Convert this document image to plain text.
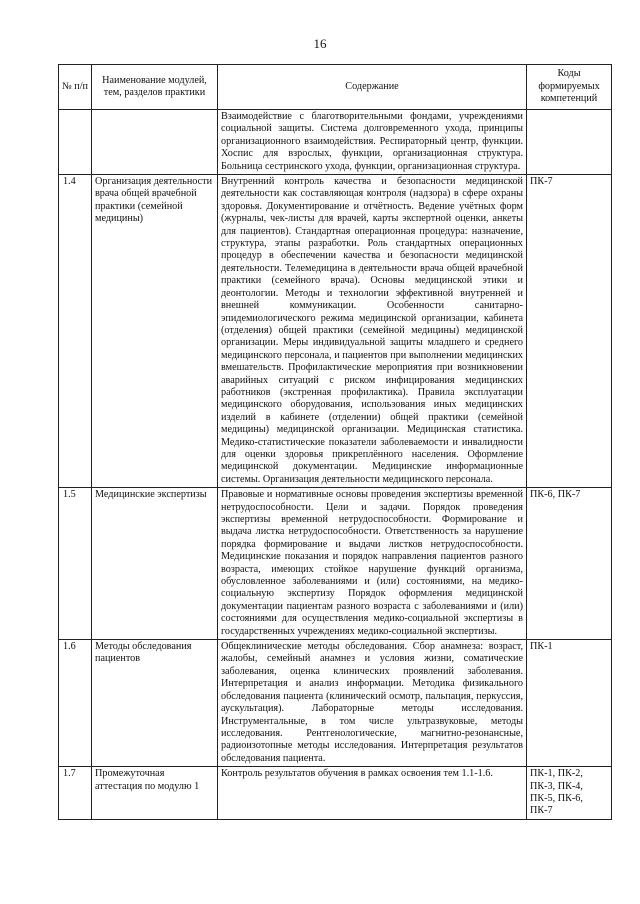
16
№ п/п	Наименование модулей, тем, разделов практики	Содержание	Коды формируемых компетенций
		Взаимодействие с благотворительными фондами, учреждениями социальной защиты. Система долговременного ухода, принципы организационного взаимодействия. Респираторный центр, функции. Хоспис для взрослых, функции, организационная структура. Больница сестринского ухода, функции, организационная структура.	
1.4	Организация деятельности врача общей врачебной практики (семейной медицины)	Внутренний контроль качества и безопасности медицинской деятельности как составляющая контроля (надзора) в сфере охраны здоровья. Документирование и отчётность. Ведение учётных форм (журналы, чек-листы для врачей, карты экспертной оценки, анкеты для пациентов). Стандартная операционная процедура: назначение, структура, этапы разработки. Роль стандартных операционных процедур в обеспечении качества и безопасности медицинской деятельности. Телемедицина в деятельности врача общей врачебной практики (семейного врача). Основы медицинской этики и деонтологии. Методы и технологии эффективной внутренней и внешней коммуникации. Особенности санитарно-эпидемиологического режима медицинской организации, кабинета (отделения) общей практики (семейной медицины) медицинской организации. Меры индивидуальной защиты младшего и среднего медицинского персонала, и пациентов при выполнении медицинских вмешательств. Профилактические мероприятия при возникновении аварийных ситуаций с риском инфицирования медицинских работников (экстренная профилактика). Правила эксплуатации медицинского оборудования, использования иных медицинских изделий в кабинете (отделении) общей практики (семейной медицины) медицинской организации. Медицинская статистика. Медико-статистические показатели заболеваемости и инвалидности для оценки здоровья прикреплённого населения. Оформление медицинской документации. Медицинские информационные системы. Организация деятельности медицинского персонала.	ПК-7
1.5	Медицинские экспертизы	Правовые и нормативные основы проведения экспертизы временной нетрудоспособности. Цели и задачи. Порядок проведения экспертизы временной нетрудоспособности. Формирование и выдача листка нетрудоспособности. Ответственность за нарушение порядка формирование и выдачи листков нетрудоспособности. Медицинские показания и порядок направления пациентов разного возраста, имеющих стойкое нарушение функций организма, обусловленное заболеваниями и (или) состояниями, на медико-социальную экспертизу Порядок оформления медицинской документации пациентам разного возраста с заболеваниями и (или) состояниями для осуществления медико-социальной экспертизы в государственных учреждениях медико-социальной экспертизы.	ПК-6, ПК-7
1.6	Методы обследования пациентов	Общеклинические методы обследования. Сбор анамнеза: возраст, жалобы, семейный анамнез и условия жизни, соматические заболевания, оценка клинических проявлений заболевания. Интерпретация и анализ информации. Методика физикального обследования пациента (клинический осмотр, пальпация, перкуссия, аускультация). Лабораторные методы исследования. Инструментальные, в том числе ультразвуковые, методы исследования. Рентгенологические, магнитно-резонансные, радиоизотопные методы исследования. Интерпретация результатов обследования пациента.	ПК-1
1.7	Промежуточная аттестация по модулю 1	Контроль результатов обучения в рамках освоения тем 1.1-1.6.	ПК-1, ПК-2, ПК-3, ПК-4, ПК-5, ПК-6, ПК-7
